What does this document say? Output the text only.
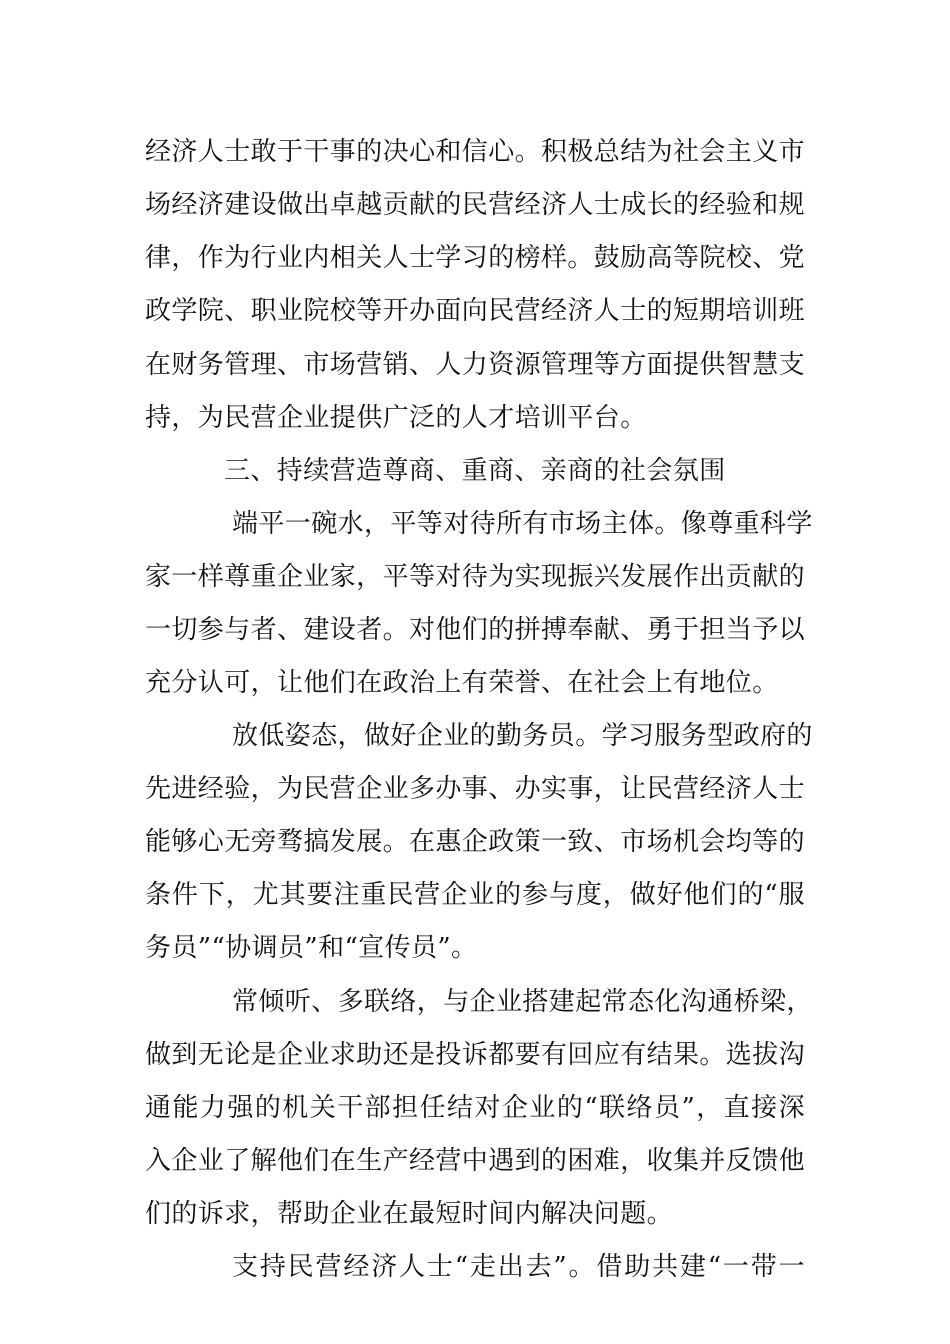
经济人士敢于干事的决心和信心。积极总结为社会主义市
场经济建设做出卓越贡献的民营经济人士成长的经验和规
律，作为行业内相关人士学习的榜样。鼓励高等院校、党
政学院、职业院校等开办面向民营经济人士的短期培训班
在财务管理、市场营销、人力资源管理等方面提供智慧支
持，为民营企业提供广泛的人才培训平台。
三、持续营造尊商、重商、亲商的社会氛围
端平一碗水，平等对待所有市场主体。像尊重科学
家一样尊重企业家，平等对待为实现振兴发展作出贡献的
一切参与者、建设者。对他们的拼搏奉献、勇于担当予以
充分认可，让他们在政治上有荣誉、在社会上有地位。
放低姿态，做好企业的勤务员。学习服务型政府的
先进经验，为民营企业多办事、办实事，让民营经济人士
能够心无旁骛搞发展。在惠企政策一致、市场机会均等的
条件下，尤其要注重民营企业的参与度，做好他们的“服
务员”“协调员”和“宣传员”。
常倾听、多联络，与企业搭建起常态化沟通桥梁，
做到无论是企业求助还是投诉都要有回应有结果。选拔沟
通能力强的机关干部担任结对企业的“联络员”，直接深
入企业了解他们在生产经营中遇到的困难，收集并反馈他
们的诉求，帮助企业在最短时间内解决问题。
支持民营经济人士“走出去”。借助共建“一带一
